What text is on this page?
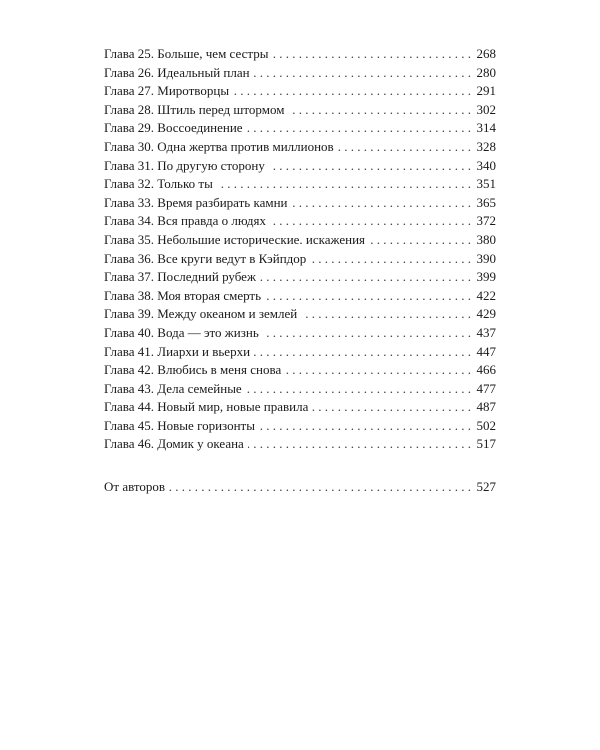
Глава 25. Больше, чем сестры . . .	268
Глава 26. Идеальный план . . .	280
Глава 27. Миротворцы . . .	291
Глава 28. Штиль перед штормом . . .	302
Глава 29. Воссоединение . . .	314
Глава 30. Одна жертва против миллионов . . .	328
Глава 31. По другую сторону . . .	340
Глава 32. Только ты . . .	351
Глава 33. Время разбирать камни . . .	365
Глава 34. Вся правда о людях . . .	372
Глава 35. Небольшие исторические. искажения . . .	380
Глава 36. Все круги ведут в Кэйпдор . . .	390
Глава 37. Последний рубеж . . .	399
Глава 38. Моя вторая смерть . . .	422
Глава 39. Между океаном и землей . . .	429
Глава 40. Вода — это жизнь . . .	437
Глава 41. Лиархи и вьерхи . . .	447
Глава 42. Влюбись в меня снова . . .	466
Глава 43. Дела семейные . . .	477
Глава 44. Новый мир, новые правила . . .	487
Глава 45. Новые горизонты . . .	502
Глава 46. Домик у океана . . .	517
От авторов . . .	527
